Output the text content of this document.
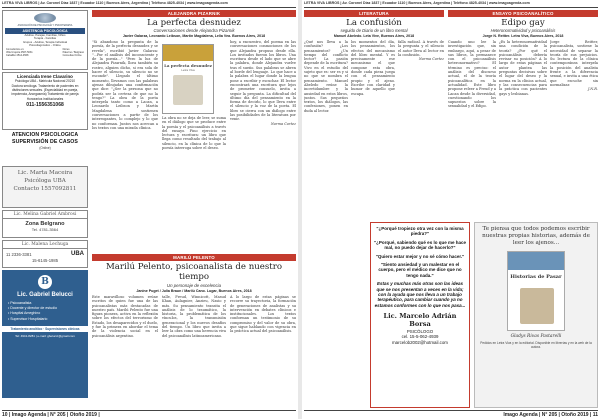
LETRA VIVA LIBROS | Av. Coronel Díaz 1837 | Ecuador 1110 | Buenos Aires, Argentina | Teléfono 4825-4034 | www.imagoagenda.com
ASOCIACIÓN DE PSICOLOGÍA Y PSICOTERAPIA
ASISTENCIA PSICOLÓGICA
Adultos, Parejas, Familias, Niños
Terapia - Familias
Grupos - Adultos, Terapia Individual
Psicodiagnóstico - Online
Consultorios en:
Villa Urquiza 4567-5031
Caballito 4514-4568
Flores
Palermo / Belgrano
Consultas Online
Licenciada Irene Clavarino
Psicóloga UBA - Matrícula Nacional 20210
Doctora sexóloga. Tratamiento de pacientes en distinciones sexuales. (Especialidad en pareja, impotencia, Anorgasmia) Tratamiento de pareja Honorarios institucionales
011-1556351068
ATENCIÓN PSICOLÓGICA
SUPERVISIÓN DE CASOS
(Online)
Lic. Marta Maceira
Psicóloga UBA
Contacto 1557092811
Lic. Melina Gabriel Ambrosi
Zona Belgrano
Tel. 4781-3564
Lic. Malena Lechuga
11 2336-3381	UBA
15-6145-1985
B
Lic. Gabriel Belucci
• Psicoanalista
• Docente y director de estudio
• Hospital Ameghino
• Supervisor Hospitalario
Tratamiento analítico · Supervisiones clínicas
Tel: 4941-8281 | e-mail: gbelucci@gmail.com
ALEJANDRA PIZARNIK
La perfecta desnudez
Conversaciones desde Alejandra Pizarnik
Javier Galarza, Leonardo Leibson, Martín Magdalena, Lelia Vea. Buenos Aires, 2018
"Si abandono la pregunta de la poesía, de la perfecta desnudez y se revela", escribió Javier Galarza: "...Por el análisis del inconsciente y de la poesía..." "Pero la luz de Alejandra Pizarnik, llora también su rostro, alguien dicho, si era sola de hacer el silencio, su silencio no se esconde". Llegado el último momento, llevamos con las palabras ajenas dibujadas una confirmación que dice: "¿Ser la persona que no podría ser la certeza de que no la tengo?" La obra de la poeta interpela tanto como a Lacan, a Leonardo Leibson y Martín Magdalena sostienen conversaciones a partir de los interrogantes, lo complejo y lo que no conforman. Juntos nos acercan a los textos con una mirada clínica.
La perfecta desnudez
Letra Viva
La obra no se deja de leer, se suma en el diálogo que se produce entre la poesía y el psicoanálisis a través del ensayo. Fino ejercicio en lectura y escritura: un libro que llega como resultado del trabajo al silencio, en la clínica de lo que la poesía interroga sobre el deseo.
hoy, a encuentro, del poema en las conversaciones conmociones de los que Alejandra propuso desde ella. Los invitados fueron los libros. Una escritura desde el lado que se abre la palabra, donde Alejandra vuelve tras el sueño. Sus palabras se abren al borde del lenguaje. Lo que hace a la palabra el lugar donde la lengua pone a escribir y escuchar. El lector encontrará una escritura que lejos de prometer consuelo, invita a seguir la pregunta. La dificultad del último día del pensamiento en la forma de decirlo, lo que lleva entre el silencio y la voz de la poeta. El libro se cierra con un diálogo entre las posibilidades de la literatura por venir.
Norma Cortez
MARILÚ PELENTO
Marilú Pelento, psicoanalista de nuestro tiempo
Un personaje de excelencia
Janine Puget / Julia Braun / Marilú Cano. Lugar, Buenos Aires, 2018
Este maravilloso volumen reúne escritos de quien fue una de las psicoanalistas más destacadas de nuestro país. Marilú Pelento fue una figura pionera, activa en la reflexión sobre los efectos del terrorismo de Estado, los desaparecidos y el duelo, y fue la primera en abordar el tema de la violencia social en el psicoanálisis argentino.
talle, Freud, Winnicott, Masud Khan, Aulagnier, Anzieu, Nasio y más. Su pensamiento transita el análisis de lo traumático, la historia, la problemática de los vínculos, la transmisión generacional y los nuevos desafíos del tiempo. Un libro que invita a leer la obra como una herencia viva del psicoanálisis latinoamericano.
A lo largo de estas páginas se recorre su trayectoria, la formación de generaciones de analistas y su intervención en debates clínicos e institucionales. Los textos conforman un testimonio de su compromiso y del valor de su obra, que sigue hablando con vigencia en la práctica actual del psicoanálisis.
10 | Imago Agenda | N° 205 | Otoño 2019 |
LETRA VIVA LIBROS | Av. Coronel Díaz 1837 | Ecuador 1110 | Buenos Aires, Argentina | Teléfono 4825-4034 | www.imagoagenda.com
LITERATURA
La confusión
seguido de Diario de un libro mental
Manuel Abeledo. Leta Vive, Buenos Aires, 2018
¿Qué nos lleva a la confusión? ¿Los pensamientos? ¿Un tiempo del conflicto lector? La pasión depende de la escritura? Vivo en el estudio del sujeto que es: ser es y si no que se nombra el pensamiento. Manuel Abeledo reúne la incertidumbre y la ansiedad en estos libros, juntos. Sus pequeños textos, los diálogos, las confesiones, ponen en duda al lector.
los momentos del día, los pensamientos, los efectos del mecanismo del libro mental. Y es precisamente ese mecanismo el que compone esta obra, donde cada pieza juega con el pensamiento propio y el ajeno. Escribe con claridad y humor de aquello que escapa.
falla radical. A través de la pregunta y el silencio el autor lleva al lector en la confusión.
Norma Cortez
ENSAYO PSICOANALÍTICO
Edipo gay
Heteronormatividad y psicoanálisis
Jorge N. Reitter. Letra Viva, Buenos Aires, 2018
Cuando uno lee la investigación que, sin embargo, aquí, a pesar de sus libros, la permanece con el psicoanálisis heteronormativo? El término es preciso: el análisis del discurso actual, el de la teoría psicoanalítica en la actualidad. Este libro propone releer a Freud y a Lacan desde la diversidad, cuestionando los supuestos sobre la sexualidad y el Edipo.
¿Es la heteronormatividad una condición de la teoría? ¿Por qué el psicoanálisis debería revisar su posición? A lo largo de estas páginas el autor plantea las preguntas decisivas sobre el lugar del deseo y la norma en la clínica actual, y las consecuencias para la práctica con pacientes gays y lesbianas.
Jorge Reitter, psicoanalista, sostiene la necesidad de separar la teoría de sus prejuicios. Su lectura de la clínica contemporánea interpela la posición del analista frente a la diferencia sexual, e invita a una ética que escuche sin normalizar.
J.N.R.
"¿Porqué tropiezo otra vez con la misma piedra?"
"¿Porqué, sabiendo qué es lo que me hace mal, no puedo dejar de hacerlo?"
"Quiero estar mejor y no sé cómo hacer."
"Siento ansiedad y un malestar en el cuerpo, pero el médico me dice que no tengo nada."
Estas y muchas más otras son las ideas que se nos presentan a veces en la vida; con la ayuda que nos lleva a un trabajo terapéutico, para cambiar cuando ya no estamos conformes con lo que nos pasa...
Lic. Marcelo Adrián Borsa
PSICÓLOGO
cel. 15-5-062-4939
marcelob2002@hotmail.com
Te piensa que todos podemos escribir nuestras propias historias, además de leer los ajenos...
Historias de Pasar
Gladys Rivas Pastarelli
Pedidos en Letra Viva y en la editorial. Disponible en librerías y en la web de la autora.
Imago Agenda | N° 205 | Otoño 2019 | 11
